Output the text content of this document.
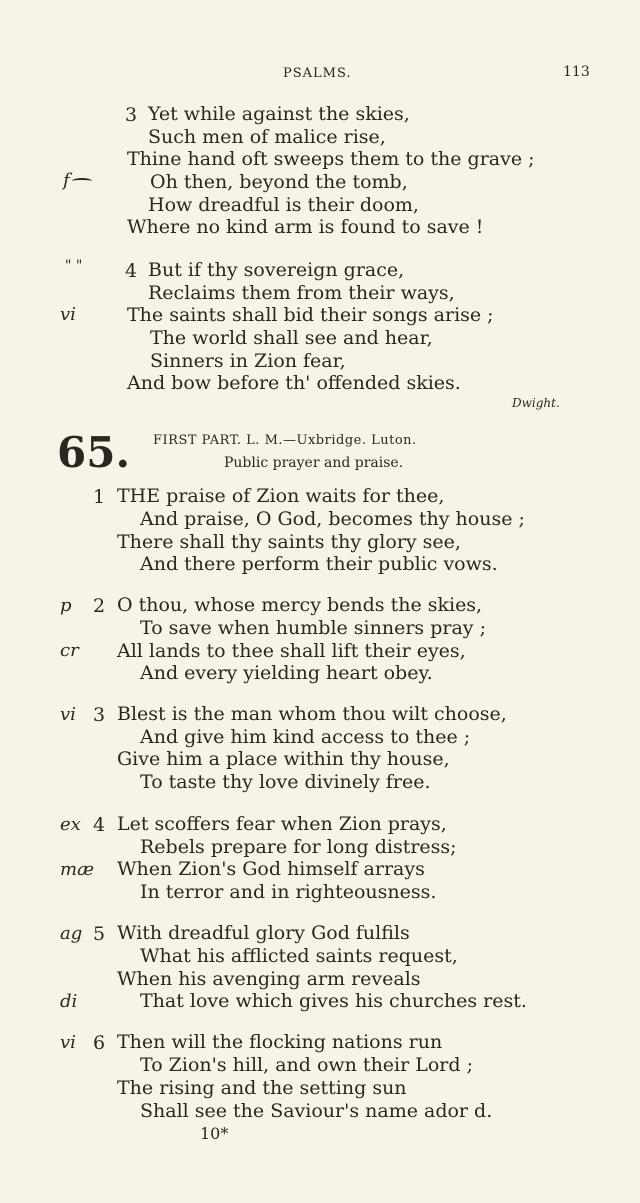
PSALMS.	113
3 Yet while against the skies,
Such men of malice rise,
Thine hand oft sweeps them to the grave ;
f	Oh then, beyond the tomb,
How dreadful is their doom,
Where no kind arm is found to save !
" " 4 But if thy sovereign grace,
Reclaims them from their ways,
vi	The saints shall bid their songs arise ;
The world shall see and hear,
Sinners in Zion fear,
And bow before th' offended skies.
Dwight.
65. FIRST PART. L. M.—Uxbridge. Luton.
Public prayer and praise.
1 THE praise of Zion waits for thee,
And praise, O God, becomes thy house ;
There shall thy saints thy glory see,
And there perform their public vows.
p 2 O thou, whose mercy bends the skies,
To save when humble sinners pray ;
cr All lands to thee shall lift their eyes,
And every yielding heart obey.
vi 3 Blest is the man whom thou wilt choose,
And give him kind access to thee ;
Give him a place within thy house,
To taste thy love divinely free.
ex 4 Let scoffers fear when Zion prays,
Rebels prepare for long distress;
mæ When Zion's God himself arrays
In terror and in righteousness.
ag 5 With dreadful glory God fulfils
What his afflicted saints request,
When his avenging arm reveals
di	That love which gives his churches rest.
vi 6 Then will the flocking nations run
To Zion's hill, and own their Lord ;
The rising and the setting sun
Shall see the Saviour's name ador d.
10*
